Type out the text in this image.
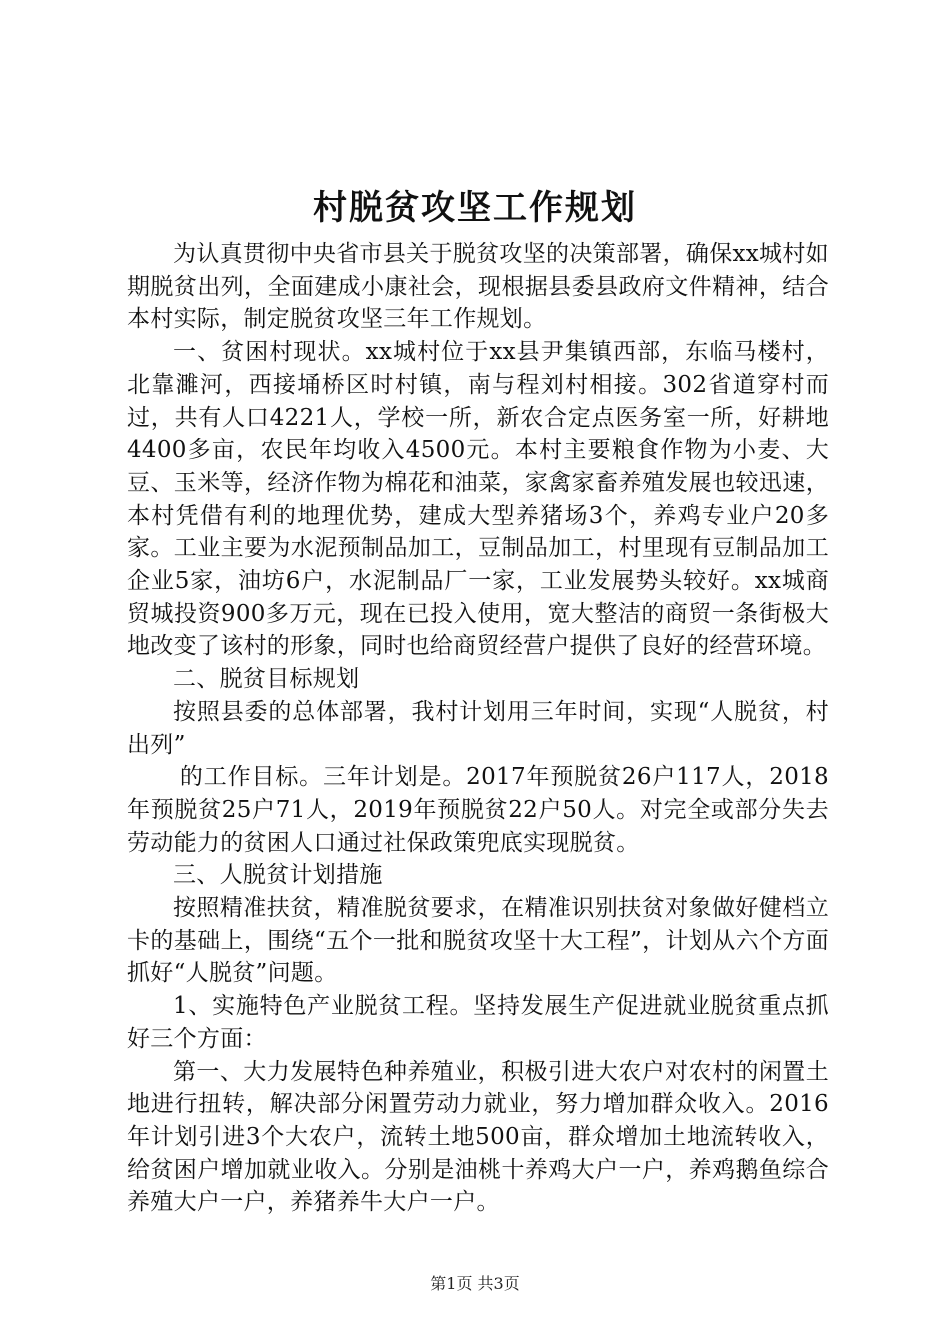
村脱贫攻坚工作规划

为认真贯彻中央省市县关于脱贫攻坚的决策部署，确保xx城村如期脱贫出列，全面建成小康社会，现根据县委县政府文件精神，结合本村实际，制定脱贫攻坚三年工作规划。

一、贫困村现状。xx城村位于xx县尹集镇西部，东临马楼村，北靠濉河，西接埇桥区时村镇，南与程刘村相接。302省道穿村而过，共有人口4221人，学校一所，新农合定点医务室一所，好耕地4400多亩，农民年均收入4500元。本村主要粮食作物为小麦、大豆、玉米等，经济作物为棉花和油菜，家禽家畜养殖发展也较迅速，本村凭借有利的地理优势，建成大型养猪场3个，养鸡专业户20多家。工业主要为水泥预制品加工，豆制品加工，村里现有豆制品加工企业5家，油坊6户，水泥制品厂一家，工业发展势头较好。xx城商贸城投资900多万元，现在已投入使用，宽大整洁的商贸一条街极大地改变了该村的形象，同时也给商贸经营户提供了良好的经营环境。

二、脱贫目标规划

按照县委的总体部署，我村计划用三年时间，实现“人脱贫，村出列”

的工作目标。三年计划是。2017年预脱贫26户117人，2018年预脱贫25户71人，2019年预脱贫22户50人。对完全或部分失去劳动能力的贫困人口通过社保政策兜底实现脱贫。

三、人脱贫计划措施

按照精准扶贫，精准脱贫要求，在精准识别扶贫对象做好健档立卡的基础上，围绕“五个一批和脱贫攻坚十大工程”，计划从六个方面抓好“人脱贫”问题。

1、实施特色产业脱贫工程。坚持发展生产促进就业脱贫重点抓好三个方面：

第一、大力发展特色种养殖业，积极引进大农户对农村的闲置土地进行扭转，解决部分闲置劳动力就业，努力增加群众收入。2016年计划引进3个大农户，流转土地500亩，群众增加土地流转收入，给贫困户增加就业收入。分别是油桃十养鸡大户一户，养鸡鹅鱼综合养殖大户一户，养猪养牛大户一户。

第1页 共3页
